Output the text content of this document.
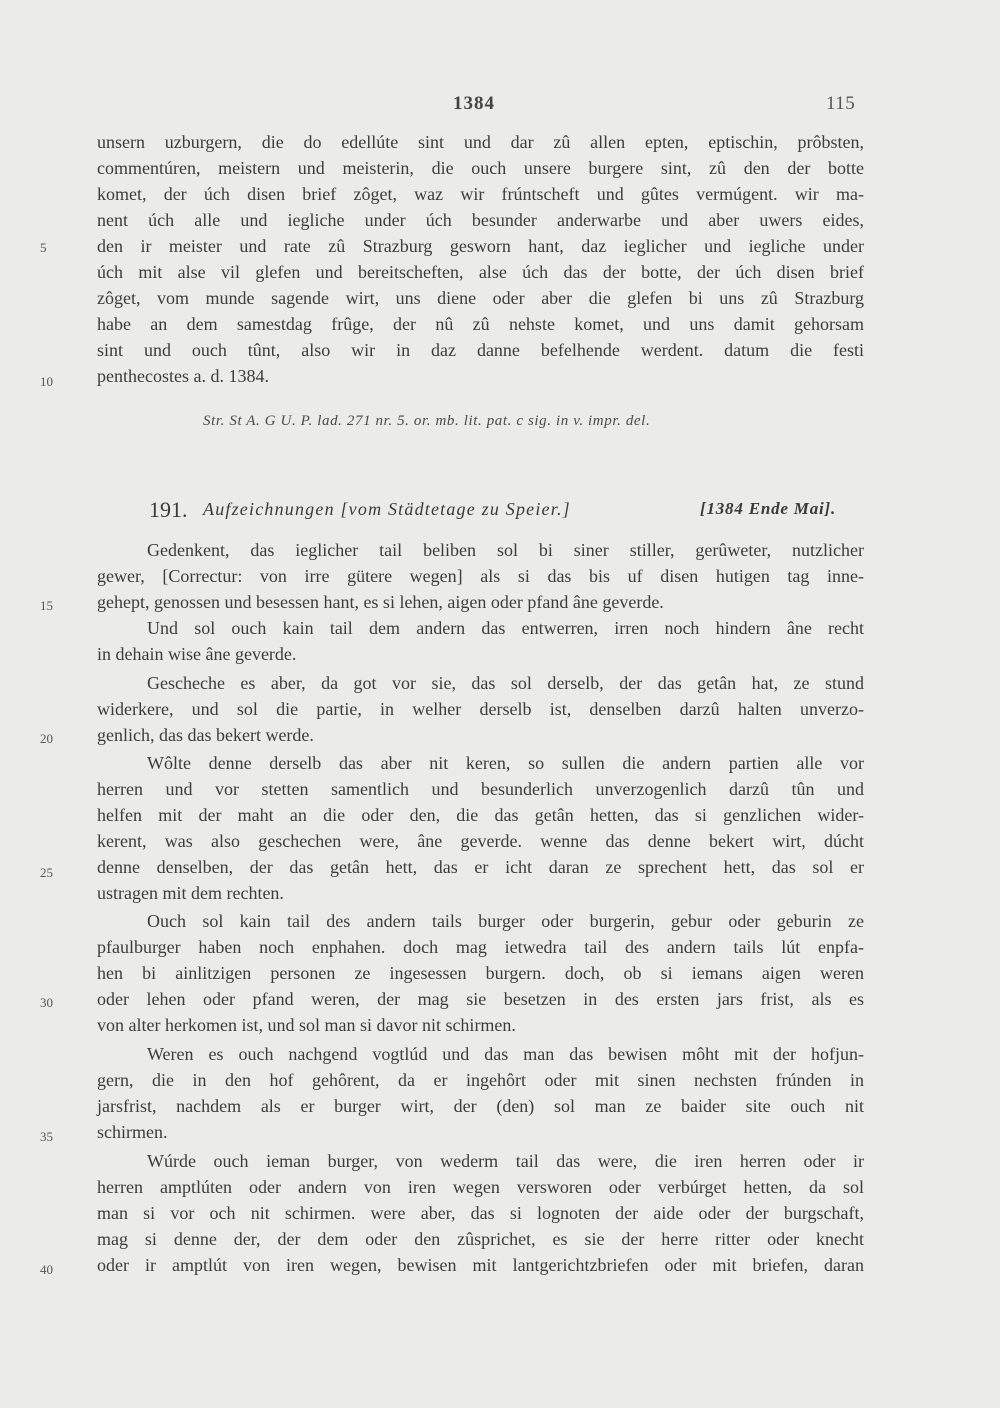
1384	115
unsern uzburgern, die do edellúte sint und dar zû allen epten, eptischin, prôbsten,
commentúren, meistern und meisterin, die ouch unsere burgere sint, zû den der botte
komet, der úch disen brief zôget, waz wir frúntscheft und gûtes vermúgent. wir ma-
nent úch alle und iegliche under úch besunder anderwarbe und aber uwers eides,
den ir meister und rate zû Strazburg gesworn hant, daz ieglicher und iegliche under
úch mit alse vil glefen und bereitscheften, alse úch das der botte, der úch disen brief
zôget, vom munde sagende wirt, uns diene oder aber die glefen bi uns zû Strazburg
habe an dem samestdag frûge, der nû zû nehste komet, und uns damit gehorsam
sint und ouch tûnt, also wir in daz danne befelhende werdent. datum die festi
penthecostes a. d. 1384.
Str. St A. G U. P. lad. 271 nr. 5. or. mb. lit. pat. c sig. in v. impr. del.
191. Aufzeichnungen [vom Städtetage zu Speier.]	[1384 Ende Mai].
Gedenkent, das ieglicher tail beliben sol bi siner stiller, gerûweter, nutzlicher
gewer, [Correctur: von irre gütere wegen] als si das bis uf disen hutigen tag inne-
gehept, genossen und besessen hant, es si lehen, aigen oder pfand âne geverde.
Und sol ouch kain tail dem andern das entwerren, irren noch hindern âne recht
in dehain wise âne geverde.
Gescheche es aber, da got vor sie, das sol derselb, der das getân hat, ze stund
widerkere, und sol die partie, in welher derselb ist, denselben darzû halten unverzo-
genlich, das das bekert werde.
Wôlte denne derselb das aber nit keren, so sullen die andern partien alle vor
herren und vor stetten samentlich und besunderlich unverzogenlich darzû tûn und
helfen mit der maht an die oder den, die das getân hetten, das si genzlichen wider-
kerent, was also geschechen were, âne geverde. wenne das denne bekert wirt, dúcht
denne denselben, der das getân hett, das er icht daran ze sprechent hett, das sol er
ustragen mit dem rechten.
Ouch sol kain tail des andern tails burger oder burgerin, gebur oder geburin ze
pfaulburger haben noch enphahen. doch mag ietwedra tail des andern tails lút enpfa-
hen bi ainlitzigen personen ze ingesessen burgern. doch, ob si iemans aigen weren
oder lehen oder pfand weren, der mag sie besetzen in des ersten jars frist, als es
von alter herkomen ist, und sol man si davor nit schirmen.
Weren es ouch nachgend vogtlúd und das man das bewisen môht mit der hofjun-
gern, die in den hof gehôrent, da er ingehôrt oder mit sinen nechsten frúnden in
jarsfrist, nachdem als er burger wirt, der (den) sol man ze baider site ouch nit
schirmen.
Wúrde ouch ieman burger, von wederm tail das were, die iren herren oder ir
herren amptlúten oder andern von iren wegen versworen oder verbúrget hetten, da sol
man si vor och nit schirmen. were aber, das si lognoten der aide oder der burgschaft,
mag si denne der, der dem oder den zûsprichet, es sie der herre ritter oder knecht
oder ir amptlút von iren wegen, bewisen mit lantgerichtzbriefen oder mit briefen, daran
5
10
15
20
25
30
35
40
